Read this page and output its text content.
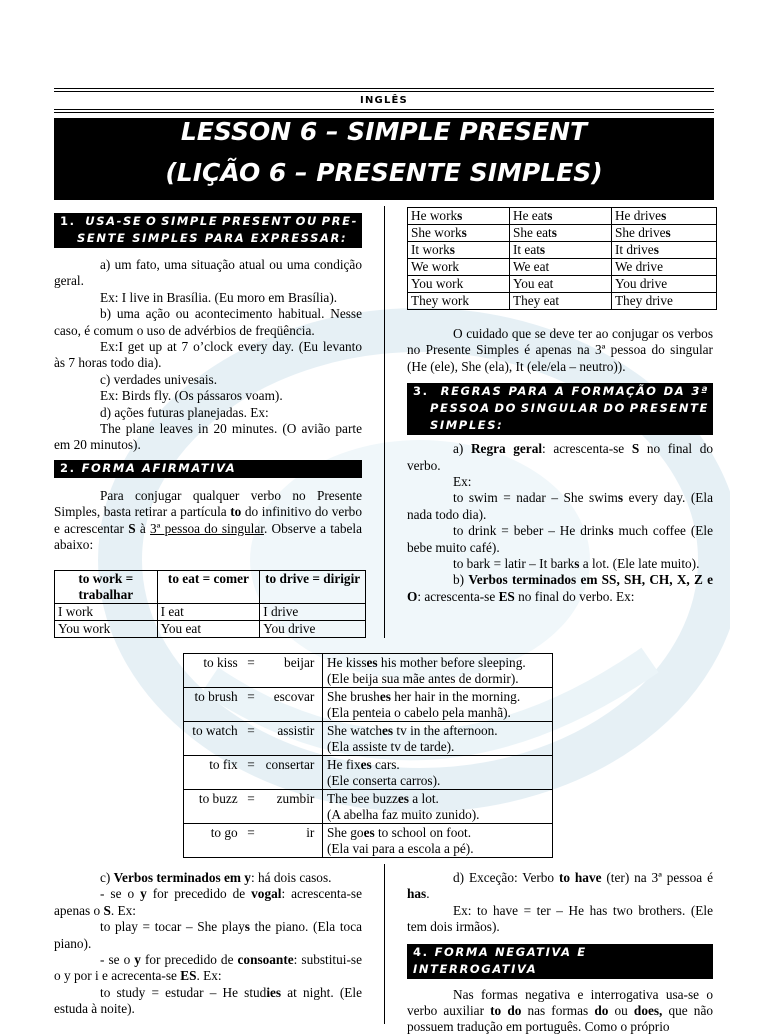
INGLÊS
LESSON 6 – SIMPLE PRESENT
(LIÇÃO 6 – PRESENTE SIMPLES)
1. USA-SE O SIMPLE PRESENT OU PRE-
SENTE SIMPLES PARA EXPRESSAR:

a) um fato, uma situação atual ou uma condição geral.

Ex: I live in Brasília. (Eu moro em Brasília).

b) uma ação ou acontecimento habitual. Nesse caso, é comum o uso de advérbios de freqüência.

Ex:I get up at 7 o’clock every day. (Eu levanto às 7 horas todo dia).

c) verdades univesais.

Ex: Birds fly. (Os pássaros voam).

d) ações futuras planejadas. Ex:

The plane leaves in 20 minutes. (O avião parte em 20 minutos).

2. FORMA AFIRMATIVA

Para conjugar qualquer verbo no Presente Simples, basta retirar a partícula to do infinitivo do verbo e acrescentar S à 3ª pessoa do singular. Observe a tabela abaixo:

to work = trabalhar	to eat = comer	to drive = dirigir
I work	I eat	I drive
You work	You eat	You drive
He works	He eats	He drives
She works	She eats	She drives
It works	It eats	It drives
We work	We eat	We drive
You work	You eat	You drive
They work	They eat	They drive

O cuidado que se deve ter ao conjugar os verbos no Presente Simples é apenas na 3ª pessoa do singular (He (ele), She (ela), It (ele/ela – neutro)).

3. REGRAS PARA A FORMAÇÃO DA 3ª
PESSOA DO SINGULAR DO PRESENTE
SIMPLES:

a) Regra geral: acrescenta-se S no final do verbo.

Ex:

to swim = nadar – She swims every day. (Ela nada todo dia).

to drink = beber – He drinks much coffee (Ele bebe muito café).

to bark = latir – It barks a lot. (Ele late muito).

b) Verbos terminados em SS, SH, CH, X, Z e O: acrescenta-se ES no final do verbo. Ex:

to kiss = beijar	He kisses his mother before sleeping.
(Ele beija sua mãe antes de dormir).
to brush = escovar	She brushes her hair in the morning.
(Ela penteia o cabelo pela manhã).
to watch = assistir	She watches tv in the afternoon.
(Ela assiste tv de tarde).
to fix = consertar	He fixes cars.
(Ele conserta carros).
to buzz = zumbir	The bee buzzes a lot.
(A abelha faz muito zunido).
to go = ir	She goes to school on foot.
(Ela vai para a escola a pé).

c) Verbos terminados em y: há dois casos.

- se o y for precedido de vogal: acrescenta-se apenas o S. Ex:

to play = tocar – She plays the piano. (Ela toca piano).

- se o y for precedido de consoante: substitui-se o y por i e acrecenta-se ES. Ex:

to study = estudar – He studies at night. (Ele estuda à noite).

d) Exceção: Verbo to have (ter) na 3ª pessoa é has.

Ex: to have = ter – He has two brothers. (Ele tem dois irmãos).

4. FORMA NEGATIVA E INTERROGATIVA

Nas formas negativa e interrogativa usa-se o verbo auxiliar to do nas formas do ou does, que não possuem tradução em português. Como o próprio
